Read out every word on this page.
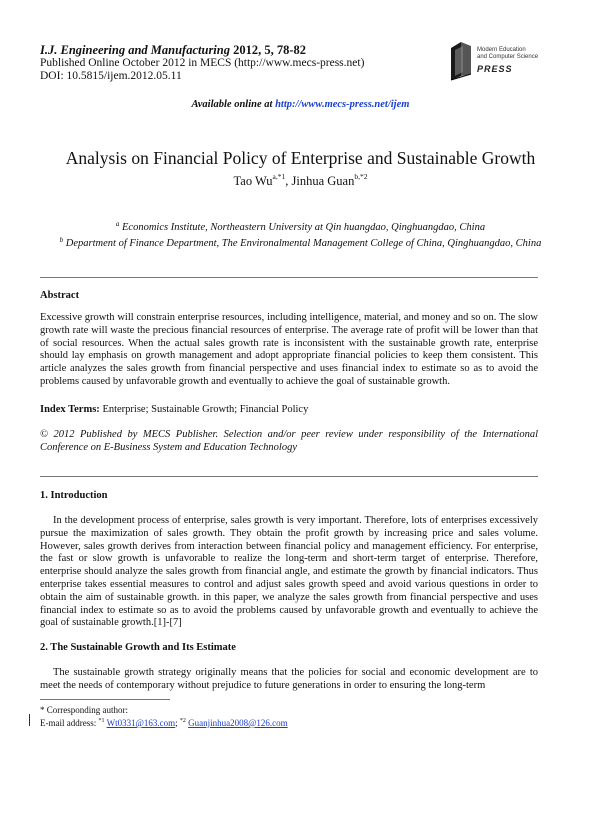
I.J. Engineering and Manufacturing 2012, 5, 78-82
Published Online October 2012 in MECS (http://www.mecs-press.net)
DOI: 10.5815/ijem.2012.05.11
Modern Education
and Computer Science
PRESS
Available online at http://www.mecs-press.net/ijem
Analysis on Financial Policy of Enterprise and Sustainable Growth
Tao $Wu^{a,*1}$, Jinhua Guan$^{b,*2}$
$^a$ Economics Institute, Northeastern University at Qin huangdao, Qinghuangdao, China
$^b$ Department of Finance Department, The Environalmental Management College of China, Qinghuangdao, China
Abstract
Excessive growth will constrain enterprise resources, including intelligence, material, and money and so on. The slow growth rate will waste the precious financial resources of enterprise. The average rate of profit will be lower than that of social resources. When the actual sales growth rate is inconsistent with the sustainable growth rate, enterprise should lay emphasis on growth management and adopt appropriate financial policies to keep them consistent. This article analyzes the sales growth from financial perspective and uses financial index to estimate so as to avoid the problems caused by unfavorable growth and eventually to achieve the goal of sustainable growth.
Index Terms: Enterprise; Sustainable Growth; Financial Policy
© 2012 Published by MECS Publisher. Selection and/or peer review under responsibility of the International Conference on E-Business System and Education Technology
1. Introduction
In the development process of enterprise, sales growth is very important. Therefore, lots of enterprises excessively pursue the maximization of sales growth. They obtain the profit growth by increasing price and sales volume. However, sales growth derives from interaction between financial policy and management efficiency. For enterprise, the fast or slow growth is unfavorable to realize the long-term and short-term target of enterprise. Therefore, enterprise should analyze the sales growth from financial angle, and estimate the growth by financial indicators. Thus enterprise takes essential measures to control and adjust sales growth speed and avoid various questions in order to obtain the aim of sustainable growth. in this paper, we analyze the sales growth from financial perspective and uses financial index to estimate so as to avoid the problems caused by unfavorable growth and eventually to achieve the goal of sustainable growth.[1]-[7]
2. The Sustainable Growth and Its Estimate
The sustainable growth strategy originally means that the policies for social and economic development are to meet the needs of contemporary without prejudice to future generations in order to ensuring the long-term
* Corresponding author:
E-mail address: $^{*1}$ Wt0331@163.com; $^{*2}$ Guanjinhua2008@126.com
